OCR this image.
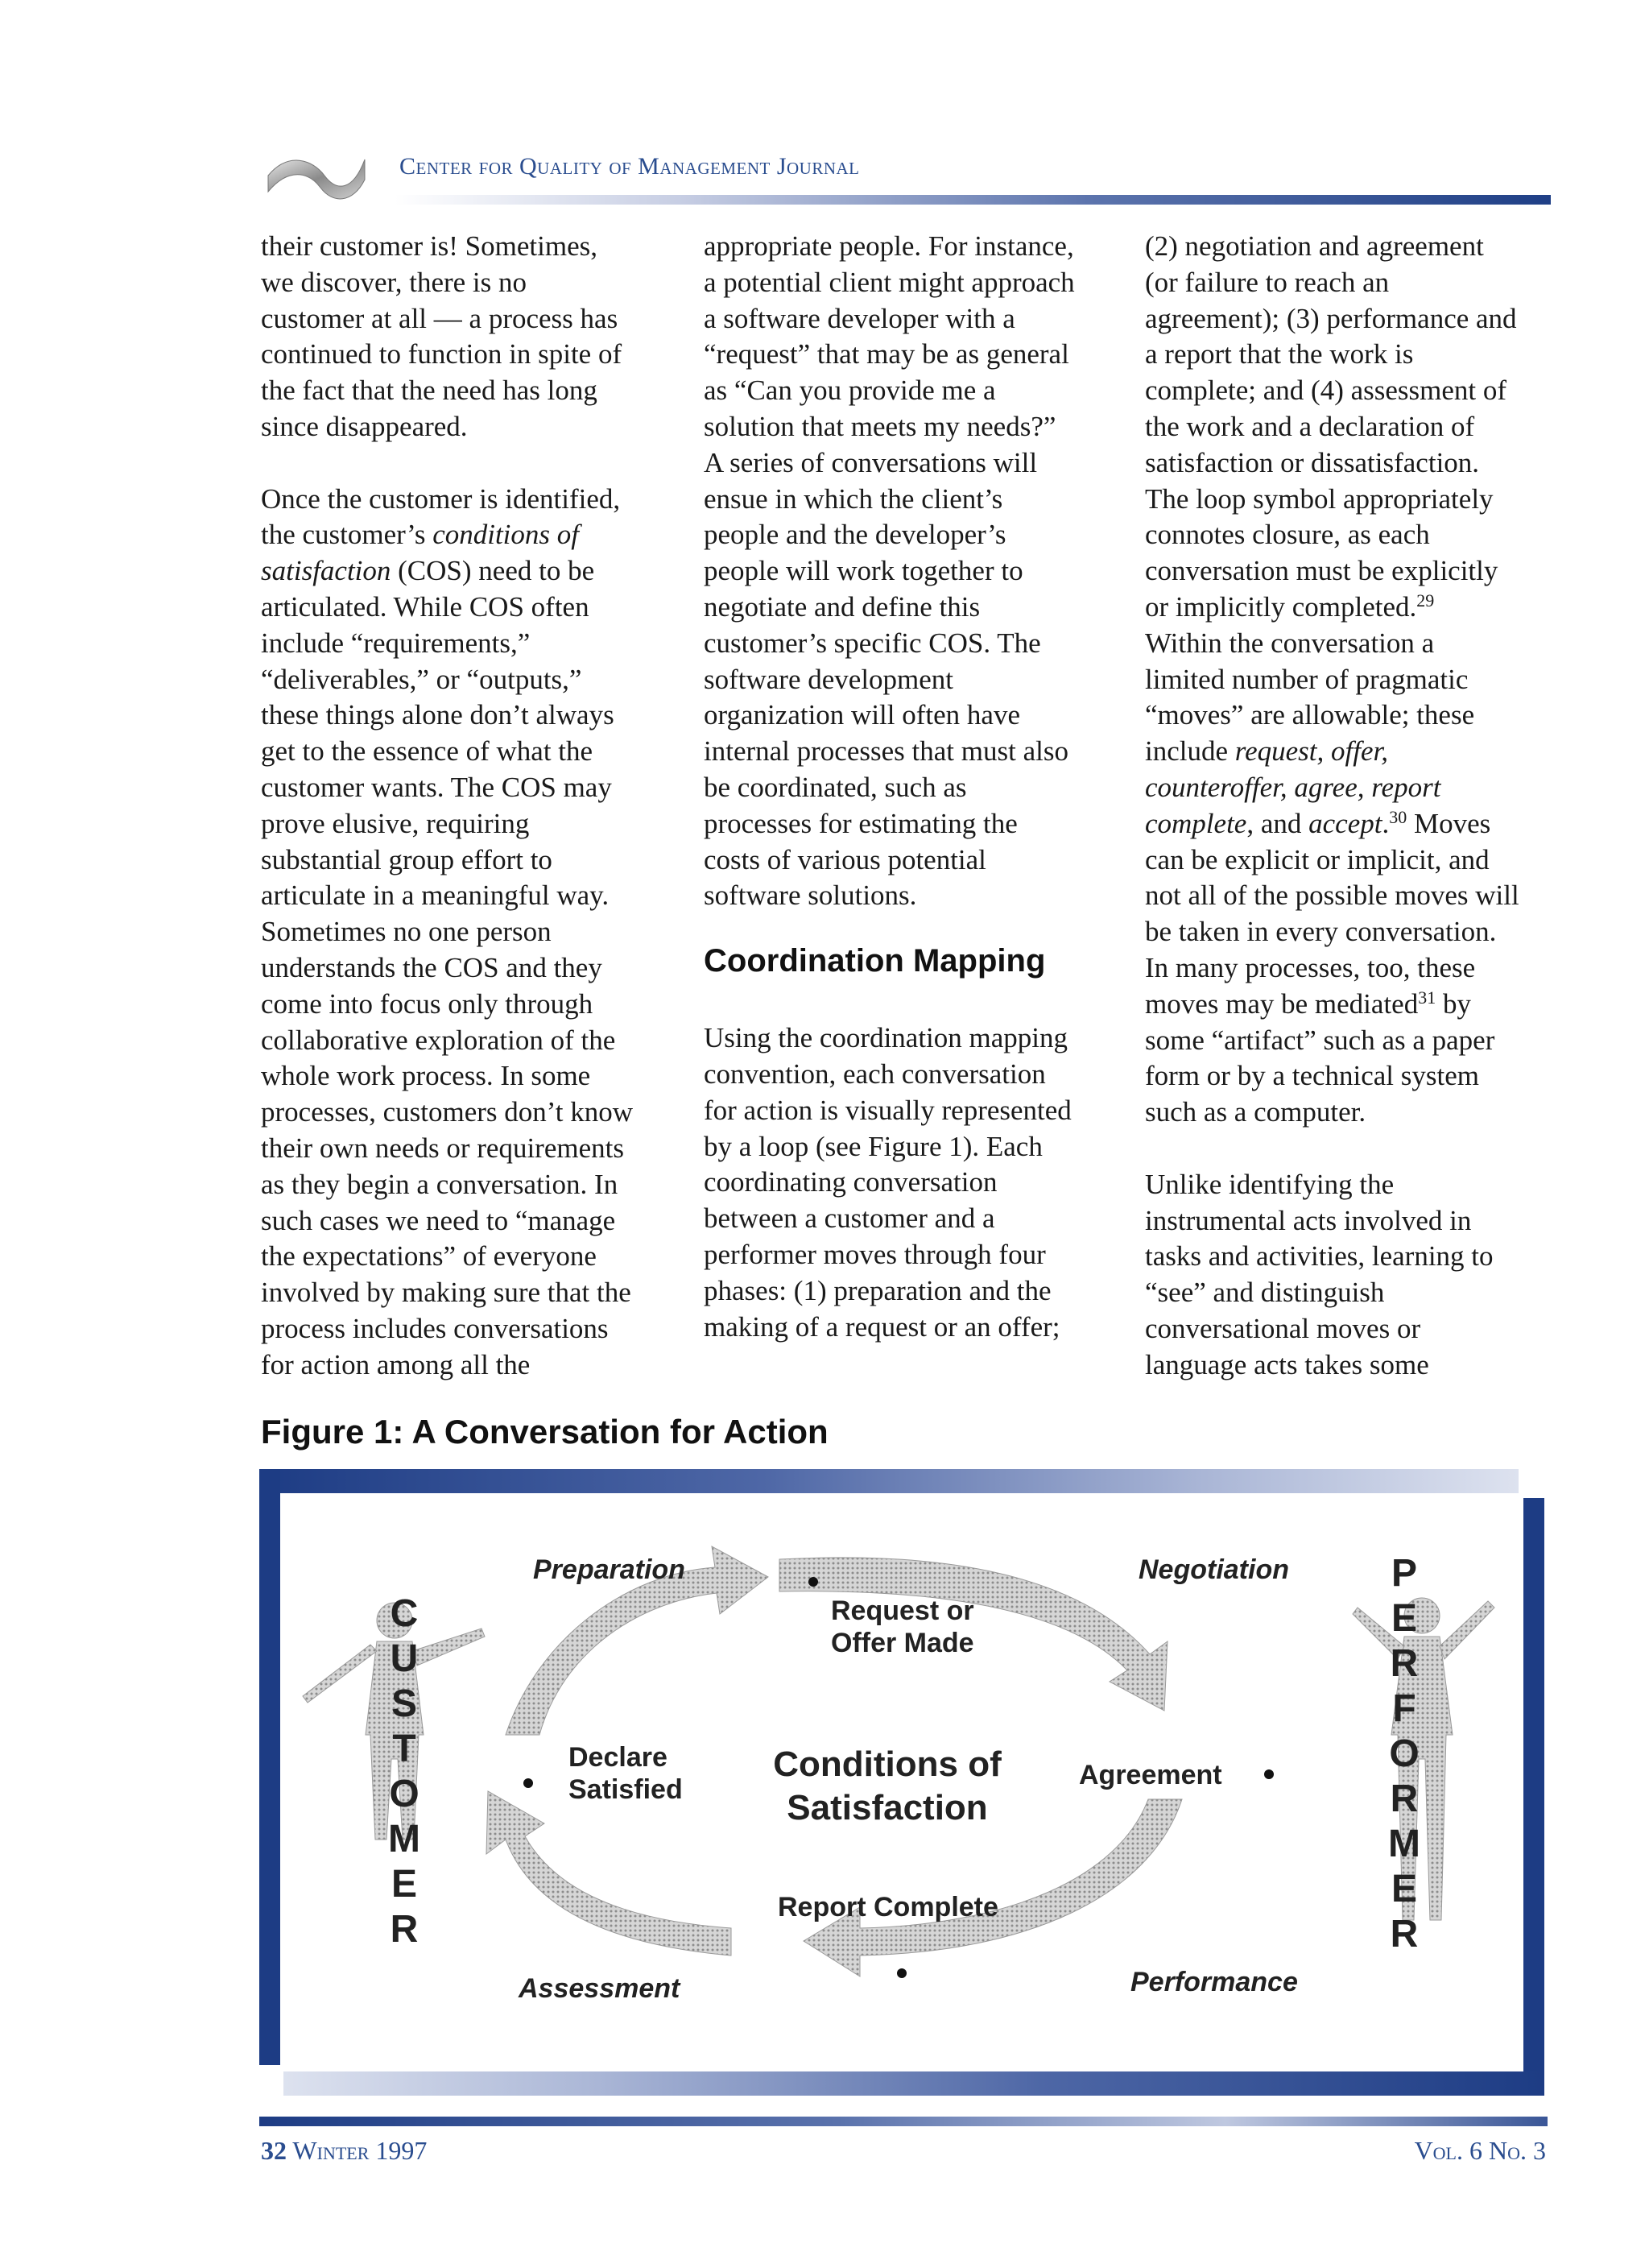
Center for Quality of Management Journal
their customer is! Sometimes,
we discover, there is no
customer at all — a process has
continued to function in spite of
the fact that the need has long
since disappeared.
Once the customer is identified,
the customer’s conditions of
satisfaction (COS) need to be
articulated. While COS often
include “requirements,”
“deliverables,” or “outputs,”
these things alone don’t always
get to the essence of what the
customer wants. The COS may
prove elusive, requiring
substantial group effort to
articulate in a meaningful way.
Sometimes no one person
understands the COS and they
come into focus only through
collaborative exploration of the
whole work process. In some
processes, customers don’t know
their own needs or requirements
as they begin a conversation. In
such cases we need to “manage
the expectations” of everyone
involved by making sure that the
process includes conversations
for action among all the
appropriate people. For instance,
a potential client might approach
a software developer with a
“request” that may be as general
as “Can you provide me a
solution that meets my needs?”
A series of conversations will
ensue in which the client’s
people and the developer’s
people will work together to
negotiate and define this
customer’s specific COS. The
software development
organization will often have
internal processes that must also
be coordinated, such as
processes for estimating the
costs of various potential
software solutions.
Coordination Mapping
Using the coordination mapping
convention, each conversation
for action is visually represented
by a loop (see Figure 1). Each
coordinating conversation
between a customer and a
performer moves through four
phases: (1) preparation and the
making of a request or an offer;
(2) negotiation and agreement
(or failure to reach an
agreement); (3) performance and
a report that the work is
complete; and (4) assessment of
the work and a declaration of
satisfaction or dissatisfaction.
The loop symbol appropriately
connotes closure, as each
conversation must be explicitly
or implicitly completed.$^{29}$
Within the conversation a
limited number of pragmatic
“moves” are allowable; these
include request, offer,
counteroffer, agree, report
complete, and accept.$^{30}$ Moves
can be explicit or implicit, and
not all of the possible moves will
be taken in every conversation.
In many processes, too, these
moves may be mediated$^{31}$ by
some “artifact” such as a paper
form or by a technical system
such as a computer.
Unlike identifying the
instrumental acts involved in
tasks and activities, learning to
“see” and distinguish
conversational moves or
language acts takes some
Figure 1: A Conversation for Action
Preparation	Negotiation
Performance
Assessment
Request or
Offer Made
Agreement
Report Complete
Declare
Satisfied
Conditions of
Satisfaction
C
U
S
T
O
M
E
R
P
E
R
F
O
R
M
E
R
32 Winter 1997	Vol. 6 No. 3
